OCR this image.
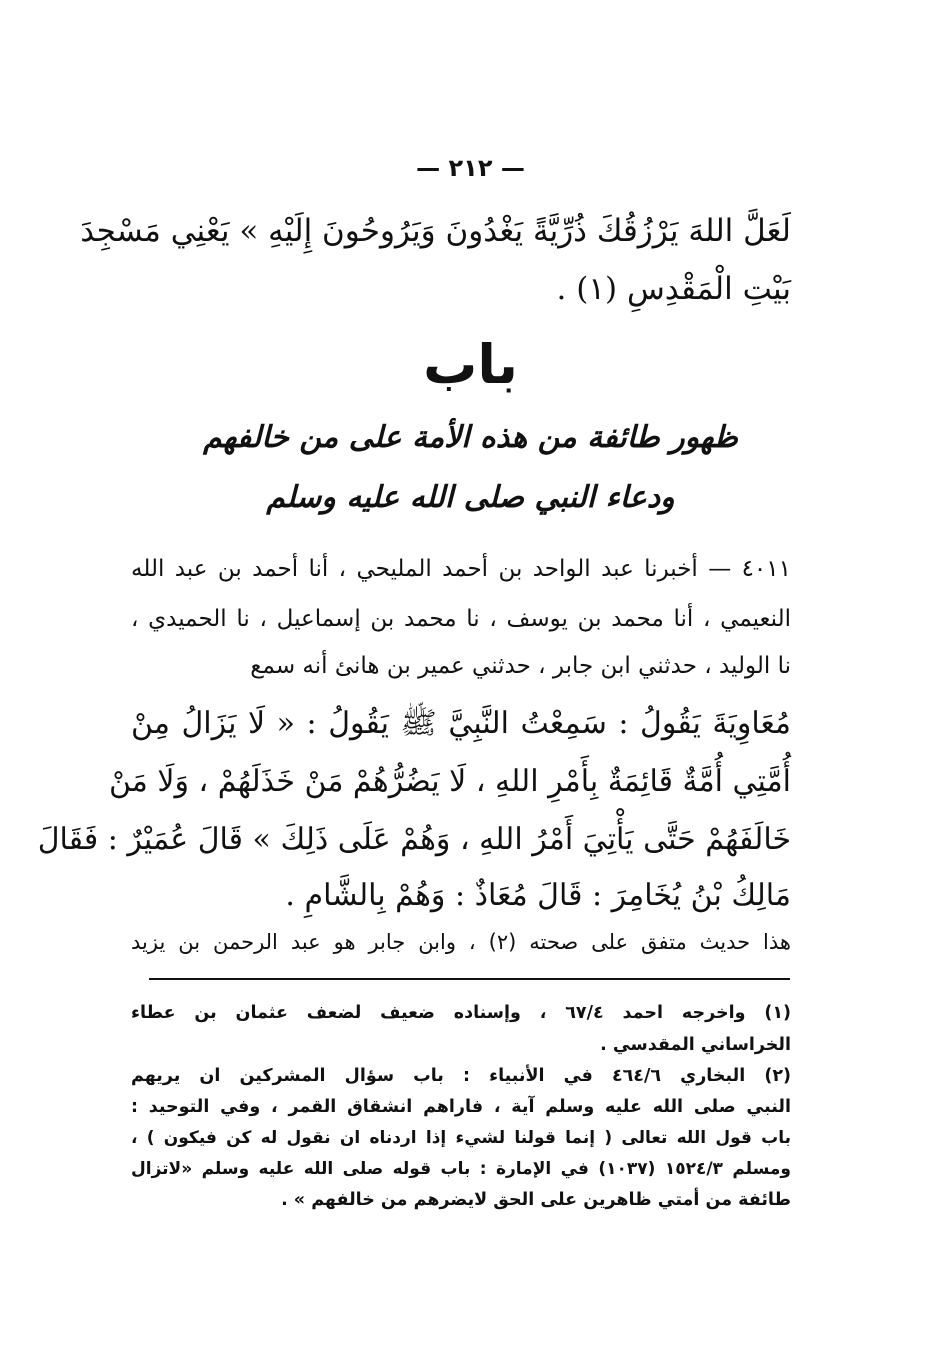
— ٢١٢ —
لَعَلَّ اللهَ يَرْزُقُكَ ذُرِّيَّةً يَغْدُونَ وَيَرُوحُونَ إِلَيْهِ » يَعْنِي مَسْجِدَ
بَيْتِ الْمَقْدِسِ (١) .
باب
ظهور طائفة من هذه الأمة على من خالفهم
ودعاء النبي صلى الله عليه وسلم
٤٠١١ — أخبرنا عبد الواحد بن أحمد المليحي ، أنا أحمد بن عبد الله
النعيمي ، أنا محمد بن يوسف ، نا محمد بن إسماعيل ، نا الحميدي ،
نا الوليد ، حدثني ابن جابر ، حدثني عمير بن هانئ أنه سمع
مُعَاوِيَةَ يَقُولُ : سَمِعْتُ النَّبِيَّ ﷺ يَقُولُ : « لَا يَزَالُ مِنْ
أُمَّتِي أُمَّةٌ قَائِمَةٌ بِأَمْرِ اللهِ ، لَا يَضُرُّهُمْ مَنْ خَذَلَهُمْ ، وَلَا مَنْ
خَالَفَهُمْ حَتَّى يَأْتِيَ أَمْرُ اللهِ ، وَهُمْ عَلَى ذَلِكَ » قَالَ عُمَيْرٌ : فَقَالَ
مَالِكُ بْنُ يُخَامِرَ : قَالَ مُعَاذٌ : وَهُمْ بِالشَّامِ .
هذا حديث متفق على صحته (٢) ، وابن جابر هو عبد الرحمن بن يزيد
(١) واخرجه احمد ٦٧/٤ ، وإسناده ضعيف لضعف عثمان بن عطاء
الخراساني المقدسي .
(٢) البخاري ٤٦٤/٦ في الأنبياء : باب سؤال المشركين ان يريهم
النبي صلى الله عليه وسلم آية ، فاراهم انشقاق القمر ، وفي التوحيد :
باب قول الله تعالى ( إنما قولنا لشيء إذا اردناه ان نقول له كن فيكون ) ،
ومسلم ١٥٢٤/٣ (١٠٣٧) في الإمارة : باب قوله صلى الله عليه وسلم «لاتزال
طائفة من أمتي ظاهرين على الحق لايضرهم من خالفهم » .
